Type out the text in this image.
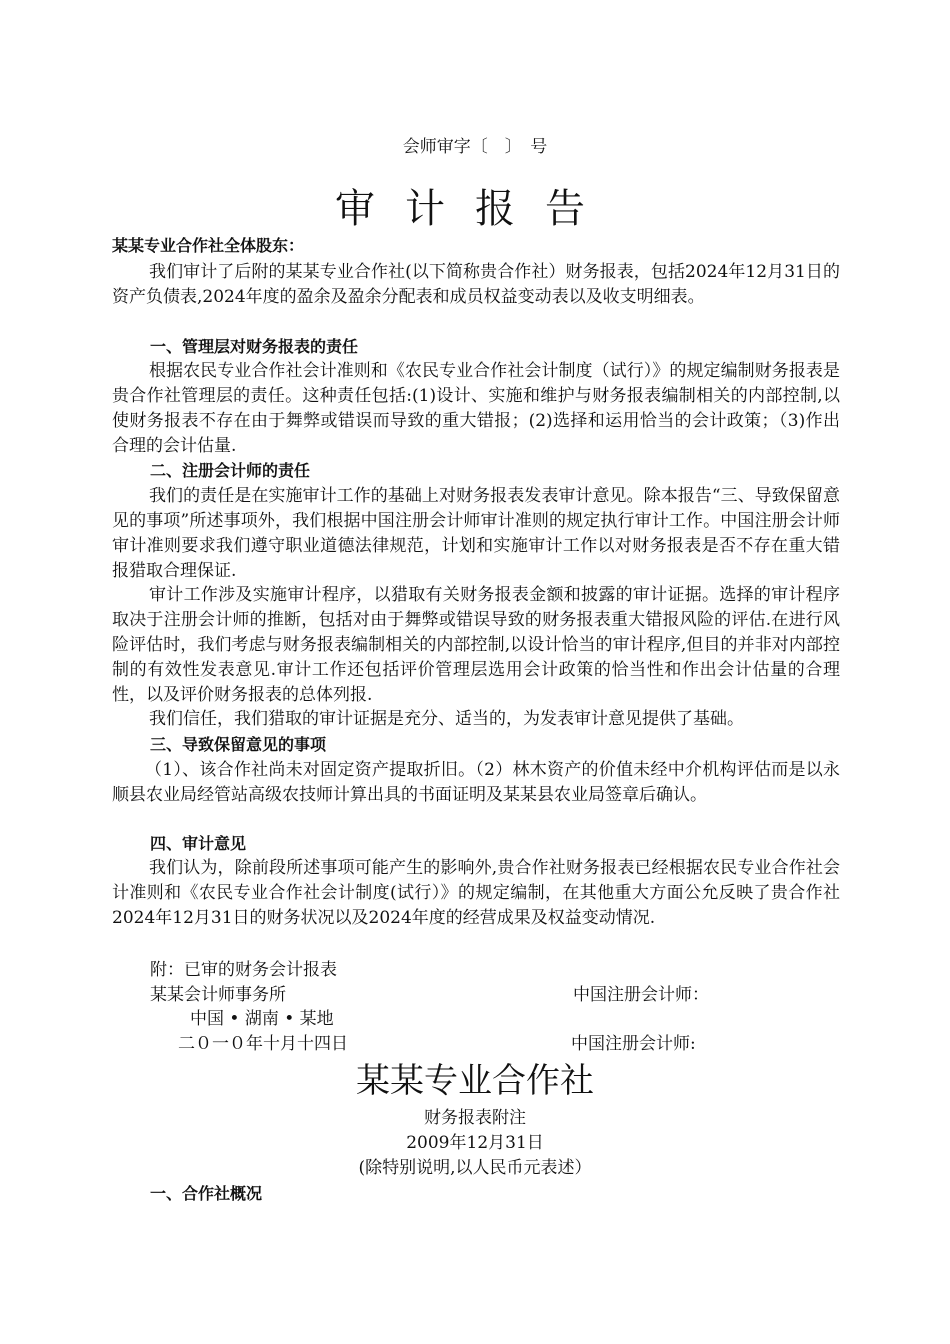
会师审字〔　〕　号
审计报告
某某专业合作社全体股东：
我们审计了后附的某某专业合作社(以下简称贵合作社）财务报表，包括2024年12月31日的资产负债表,2024年度的盈余及盈余分配表和成员权益变动表以及收支明细表。
一、管理层对财务报表的责任
根据农民专业合作社会计准则和《农民专业合作社会计制度（试行）》的规定编制财务报表是贵合作社管理层的责任。这种责任包括:(1)设计、实施和维护与财务报表编制相关的内部控制,以使财务报表不存在由于舞弊或错误而导致的重大错报；(2)选择和运用恰当的会计政策；（3)作出合理的会计估量.
二、注册会计师的责任
我们的责任是在实施审计工作的基础上对财务报表发表审计意见。除本报告“三、导致保留意见的事项”所述事项外，我们根据中国注册会计师审计准则的规定执行审计工作。中国注册会计师审计准则要求我们遵守职业道德法律规范，计划和实施审计工作以对财务报表是否不存在重大错报猎取合理保证.
审计工作涉及实施审计程序，以猎取有关财务报表金额和披露的审计证据。选择的审计程序取决于注册会计师的推断，包括对由于舞弊或错误导致的财务报表重大错报风险的评估.在进行风险评估时，我们考虑与财务报表编制相关的内部控制,以设计恰当的审计程序,但目的并非对内部控制的有效性发表意见.审计工作还包括评价管理层选用会计政策的恰当性和作出会计估量的合理性，以及评价财务报表的总体列报.
我们信任，我们猎取的审计证据是充分、适当的，为发表审计意见提供了基础。
三、导致保留意见的事项
（1）、该合作社尚未对固定资产提取折旧。（2）林木资产的价值未经中介机构评估而是以永顺县农业局经管站高级农技师计算出具的书面证明及某某县农业局签章后确认。
四、审计意见
我们认为，除前段所述事项可能产生的影响外,贵合作社财务报表已经根据农民专业合作社会计准则和《农民专业合作社会计制度(试行）》的规定编制，在其他重大方面公允反映了贵合作社2024年12月31日的财务状况以及2024年度的经营成果及权益变动情况.
附：已审的财务会计报表
某某会计师事务所	中国注册会计师：
中国 • 湖南 • 某地
二０一０年十月十四日	中国注册会计师:
某某专业合作社
财务报表附注
2009年12月31日
(除特别说明,以人民币元表述）
一、合作社概况
